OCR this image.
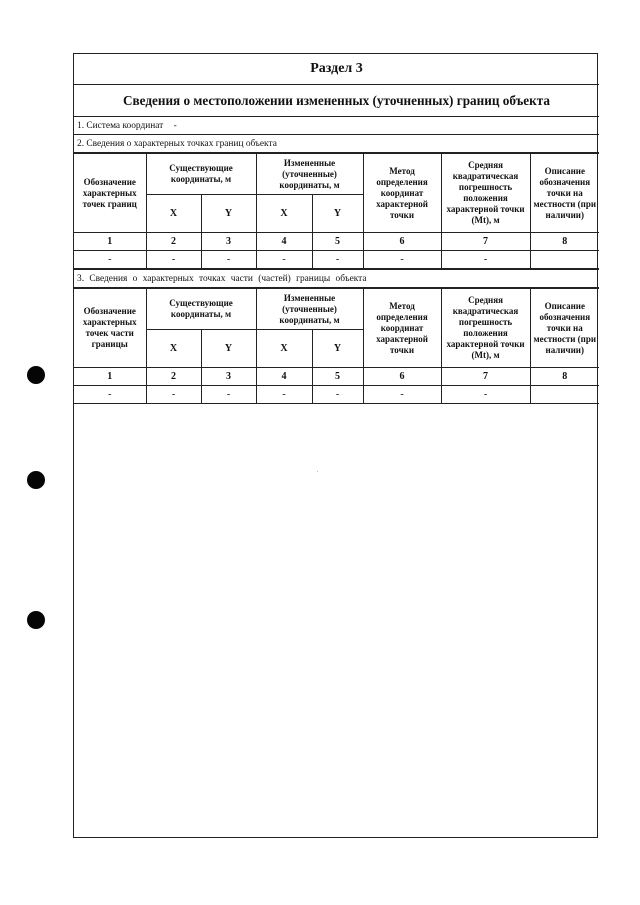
Раздел 3
Сведения о местоположении измененных (уточненных) границ объекта
1. Система координат -
2. Сведения о характерных точках границ объекта
Обозначение характерных точек границ	Существующие координаты, м		Измененные (уточненные) координаты, м		Метод определения координат характерной точки	Средняя квадратическая погрешность положения характерной точки (Mt), м	Описание обозначения точки на местности (при наличии)
	X	Y	X	Y			
1	2	3	4	5	6	7	8
-	-	-	-	-	-	-	
3. Сведения о характерных точках части (частей) границы объекта
Обозначение характерных точек части границы	Существующие координаты, м		Измененные (уточненные) координаты, м		Метод определения координат характерной точки	Средняя квадратическая погрешность положения характерной точки (Mt), м	Описание обозначения точки на местности (при наличии)
	X	Y	X	Y			
1	2	3	4	5	6	7	8
-	-	-	-	-	-	-	
